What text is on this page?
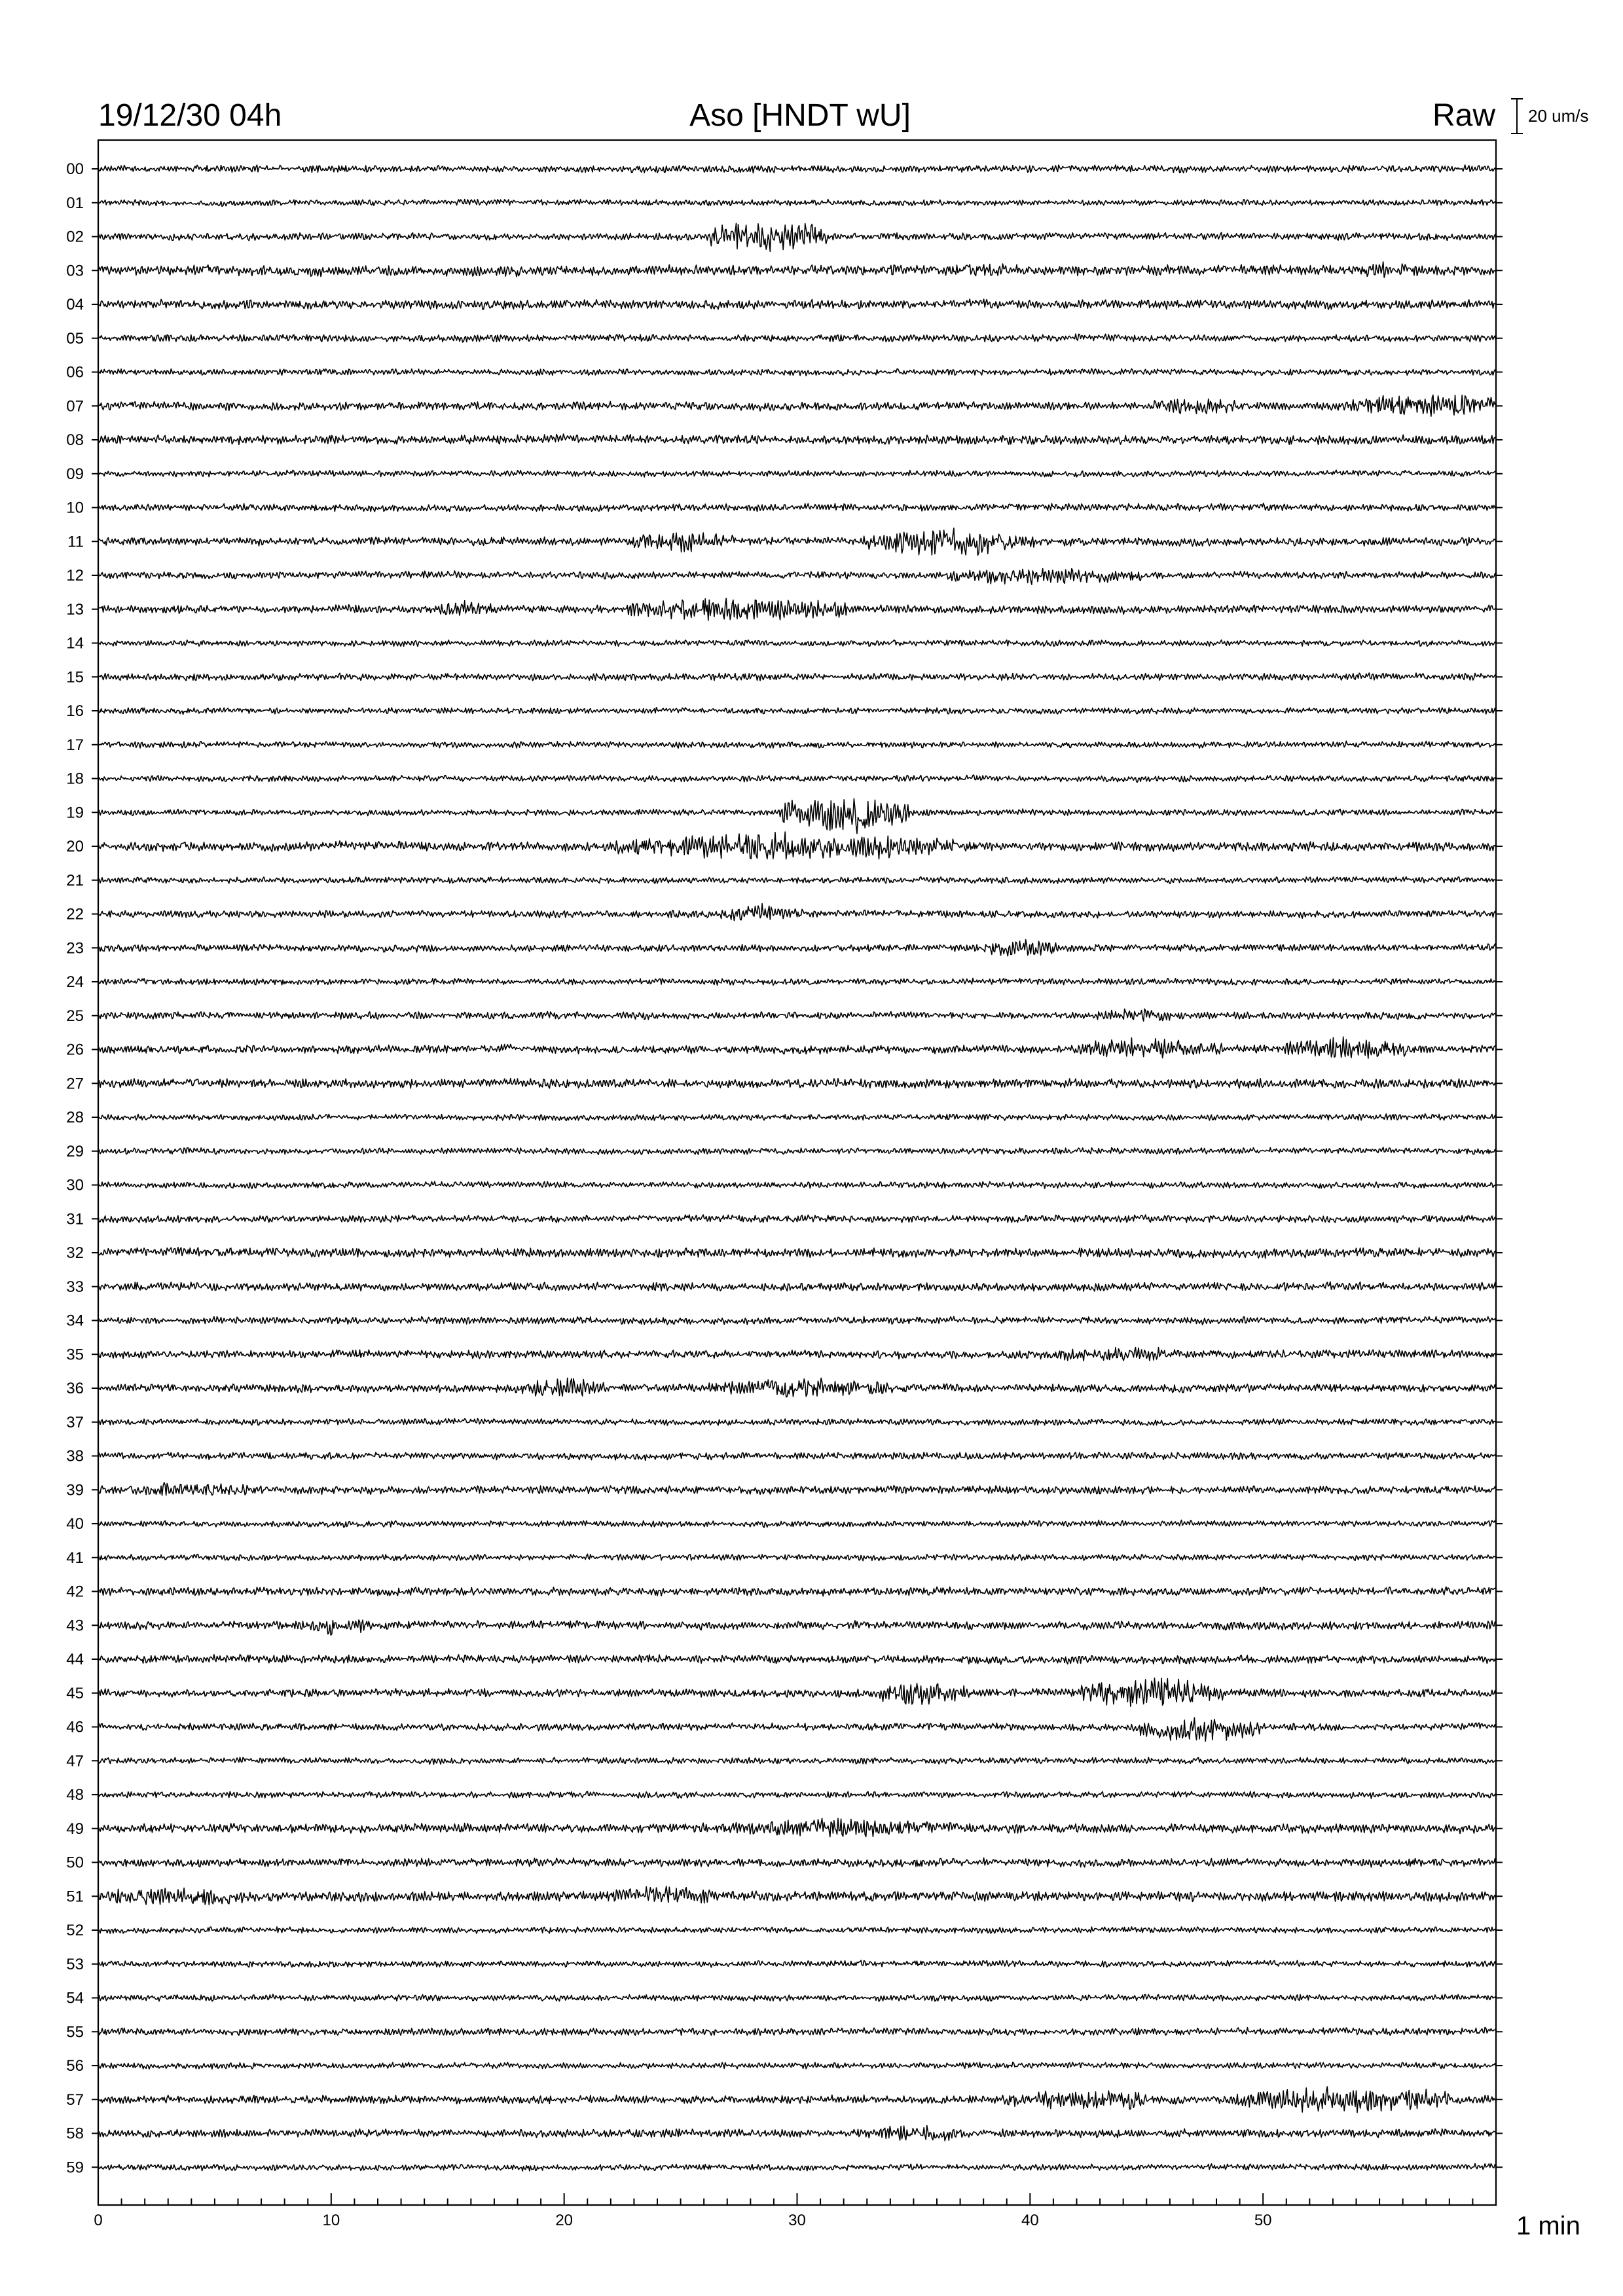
19/12/30 04h	Aso [HNDT wU]	Raw 20 um/s
00
01
02
03
04
05
06
07
08
09
10
11
12
13
14
15
16
17
18
19
20
21
22
23
24
25
26
27
28
29
30
31
32
33
34
35
36
37
38
39
40
41
42
43
44
45
46
47
48
49
50
51
52
53
54
55
56
57
58
59
0	10	20	30	40	50	1 min
